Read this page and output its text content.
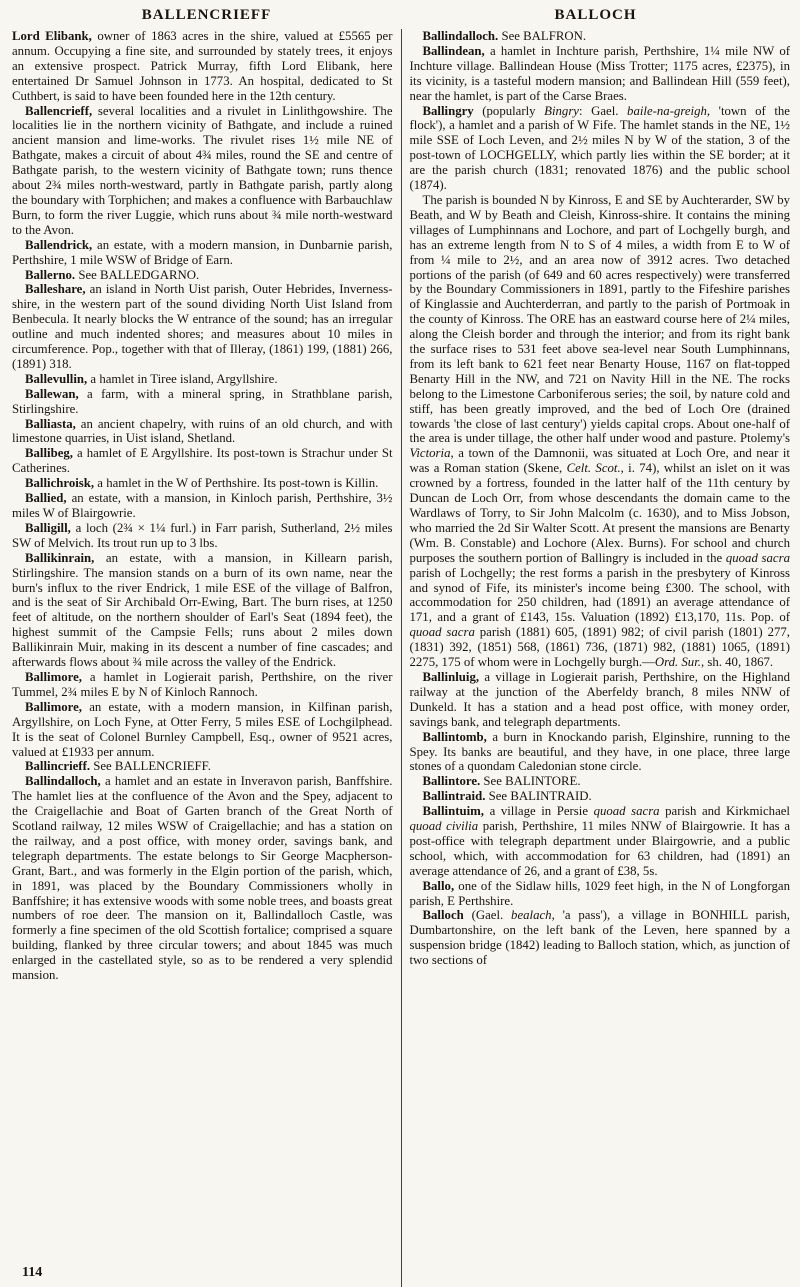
BALLENCRIEFF	BALLOCH

Lord Elibank, owner of 1863 acres in the shire, valued at £5565 per annum. Occupying a fine site, and surrounded by stately trees, it enjoys an extensive prospect. Patrick Murray, fifth Lord Elibank, here entertained Dr Samuel Johnson in 1773. An hospital, dedicated to St Cuthbert, is said to have been founded here in the 12th century.

Ballencrieff, several localities and a rivulet in Linlithgowshire. The localities lie in the northern vicinity of Bathgate, and include a ruined ancient mansion and lime-works. The rivulet rises 1½ mile NE of Bathgate, makes a circuit of about 4¾ miles, round the SE and centre of Bathgate parish, to the western vicinity of Bathgate town; runs thence about 2¾ miles north-westward, partly in Bathgate parish, partly along the boundary with Torphichen; and makes a confluence with Barbauchlaw Burn, to form the river Luggie, which runs about ¾ mile north-westward to the Avon.

Ballendrick, an estate, with a modern mansion, in Dunbarnie parish, Perthshire, 1 mile WSW of Bridge of Earn.

Ballerno. See BALLEDGARNO.

Balleshare, an island in North Uist parish, Outer Hebrides, Inverness-shire, in the western part of the sound dividing North Uist Island from Benbecula. It nearly blocks the W entrance of the sound; has an irregular outline and much indented shores; and measures about 10 miles in circumference. Pop., together with that of Illeray, (1861) 199, (1881) 266, (1891) 318.

Ballevullin, a hamlet in Tiree island, Argyllshire.

Ballewan, a farm, with a mineral spring, in Strathblane parish, Stirlingshire.

Balliasta, an ancient chapelry, with ruins of an old church, and with limestone quarries, in Uist island, Shetland.

Ballibeg, a hamlet of E Argyllshire. Its post-town is Strachur under St Catherines.

Ballichroisk, a hamlet in the W of Perthshire. Its post-town is Killin.

Ballied, an estate, with a mansion, in Kinloch parish, Perthshire, 3½ miles W of Blairgowrie.

Balligill, a loch (2¾ × 1¼ furl.) in Farr parish, Sutherland, 2½ miles SW of Melvich. Its trout run up to 3 lbs.

Ballikinrain, an estate, with a mansion, in Killearn parish, Stirlingshire. The mansion stands on a burn of its own name, near the burn's influx to the river Endrick, 1 mile ESE of the village of Balfron, and is the seat of Sir Archibald Orr-Ewing, Bart. The burn rises, at 1250 feet of altitude, on the northern shoulder of Earl's Seat (1894 feet), the highest summit of the Campsie Fells; runs about 2 miles down Ballikinrain Muir, making in its descent a number of fine cascades; and afterwards flows about ¾ mile across the valley of the Endrick.

Ballimore, a hamlet in Logierait parish, Perthshire, on the river Tummel, 2¾ miles E by N of Kinloch Rannoch.

Ballimore, an estate, with a modern mansion, in Kilfinan parish, Argyllshire, on Loch Fyne, at Otter Ferry, 5 miles ESE of Lochgilphead. It is the seat of Colonel Burnley Campbell, Esq., owner of 9521 acres, valued at £1933 per annum.

Ballincrieff. See BALLENCRIEFF.

Ballindalloch, a hamlet and an estate in Inveravon parish, Banffshire. The hamlet lies at the confluence of the Avon and the Spey, adjacent to the Craigellachie and Boat of Garten branch of the Great North of Scotland railway, 12 miles WSW of Craigellachie; and has a station on the railway, and a post office, with money order, savings bank, and telegraph departments. The estate belongs to Sir George Macpherson-Grant, Bart., and was formerly in the Elgin portion of the parish, which, in 1891, was placed by the Boundary Commissioners wholly in Banffshire; it has extensive woods with some noble trees, and boasts great numbers of roe deer. The mansion on it, Ballindalloch Castle, was formerly a fine specimen of the old Scottish fortalice; comprised a square building, flanked by three circular towers; and about 1845 was much enlarged in the castellated style, so as to be rendered a very splendid mansion.

Ballindalloch. See BALFRON.

Ballindean, a hamlet in Inchture parish, Perthshire, 1¼ mile NW of Inchture village. Ballindean House (Miss Trotter; 1175 acres, £2375), in its vicinity, is a tasteful modern mansion; and Ballindean Hill (559 feet), near the hamlet, is part of the Carse Braes.

Ballingry (popularly Bingry: Gael. baile-na-greigh, 'town of the flock'), a hamlet and a parish of W Fife. The hamlet stands in the NE, 1½ mile SSE of Loch Leven, and 2½ miles N by W of the station, 3 of the post-town of LOCHGELLY, which partly lies within the SE border; at it are the parish church (1831; renovated 1876) and the public school (1874).

The parish is bounded N by Kinross, E and SE by Auchterarder, SW by Beath, and W by Beath and Cleish, Kinross-shire. It contains the mining villages of Lumphinnans and Lochore, and part of Lochgelly burgh, and has an extreme length from N to S of 4 miles, a width from E to W of from ¼ mile to 2½, and an area now of 3912 acres. Two detached portions of the parish (of 649 and 60 acres respectively) were transferred by the Boundary Commissioners in 1891, partly to the Fifeshire parishes of Kinglassie and Auchterderran, and partly to the parish of Portmoak in the county of Kinross. The ORE has an eastward course here of 2¼ miles, along the Cleish border and through the interior; and from its right bank the surface rises to 531 feet above sea-level near South Lumphinnans, from its left bank to 621 feet near Benarty House, 1167 on flat-topped Benarty Hill in the NW, and 721 on Navity Hill in the NE. The rocks belong to the Limestone Carboniferous series; the soil, by nature cold and stiff, has been greatly improved, and the bed of Loch Ore (drained towards 'the close of last century') yields capital crops. About one-half of the area is under tillage, the other half under wood and pasture. Ptolemy's Victoria, a town of the Damnonii, was situated at Loch Ore, and near it was a Roman station (Skene, Celt. Scot., i. 74), whilst an islet on it was crowned by a fortress, founded in the latter half of the 11th century by Duncan de Loch Orr, from whose descendants the domain came to the Wardlaws of Torry, to Sir John Malcolm (c. 1630), and to Miss Jobson, who married the 2d Sir Walter Scott. At present the mansions are Benarty (Wm. B. Constable) and Lochore (Alex. Burns). For school and church purposes the southern portion of Ballingry is included in the quoad sacra parish of Lochgelly; the rest forms a parish in the presbytery of Kinross and synod of Fife, its minister's income being £300. The school, with accommodation for 250 children, had (1891) an average attendance of 171, and a grant of £143, 15s. Valuation (1892) £13,170, 11s. Pop. of quoad sacra parish (1881) 605, (1891) 982; of civil parish (1801) 277, (1831) 392, (1851) 568, (1861) 736, (1871) 982, (1881) 1065, (1891) 2275, 175 of whom were in Lochgelly burgh.—Ord. Sur., sh. 40, 1867.

Ballinluig, a village in Logierait parish, Perthshire, on the Highland railway at the junction of the Aberfeldy branch, 8 miles NNW of Dunkeld. It has a station and a head post office, with money order, savings bank, and telegraph departments.

Ballintomb, a burn in Knockando parish, Elginshire, running to the Spey. Its banks are beautiful, and they have, in one place, three large stones of a quondam Caledonian stone circle.

Ballintore. See BALINTORE.

Ballintraid. See BALINTRAID.

Ballintuim, a village in Persie quoad sacra parish and Kirkmichael quoad civilia parish, Perthshire, 11 miles NNW of Blairgowrie. It has a post-office with telegraph department under Blairgowrie, and a public school, which, with accommodation for 63 children, had (1891) an average attendance of 26, and a grant of £38, 5s.

Ballo, one of the Sidlaw hills, 1029 feet high, in the N of Longforgan parish, E Perthshire.

Balloch (Gael. bealach, 'a pass'), a village in BONHILL parish, Dumbartonshire, on the left bank of the Leven, here spanned by a suspension bridge (1842) leading to Balloch station, which, as junction of two sections of

114
